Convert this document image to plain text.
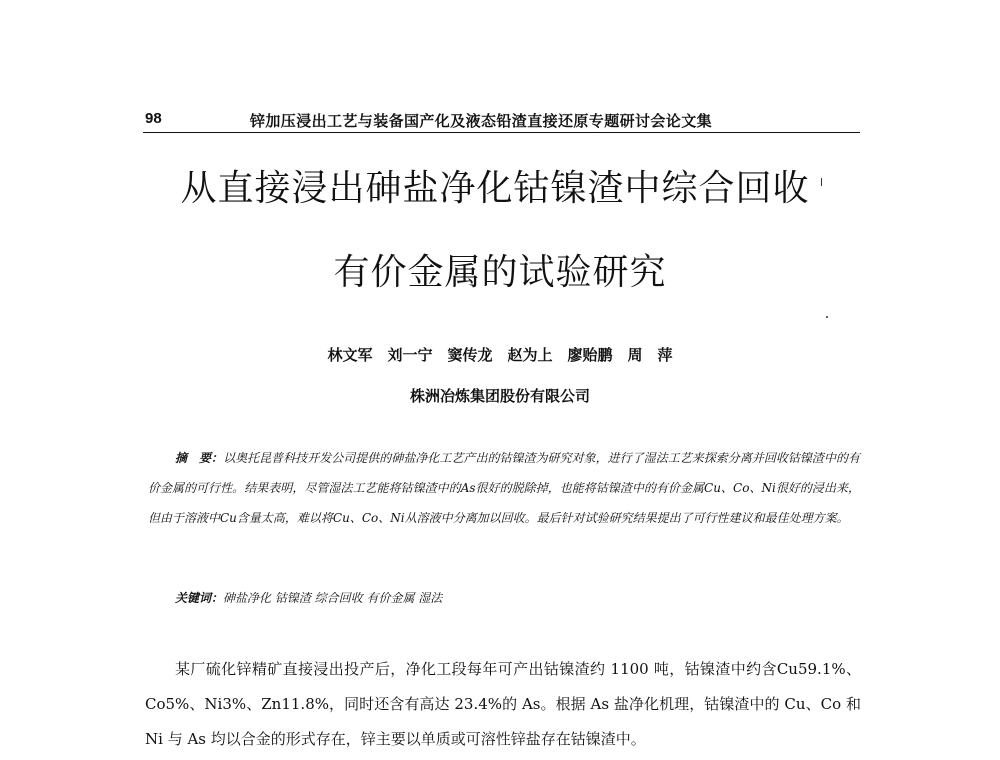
98	锌加压浸出工艺与装备国产化及液态铅渣直接还原专题研讨会论文集
从直接浸出砷盐净化钴镍渣中综合回收
有价金属的试验研究
林文军　刘一宁　窦传龙　赵为上　廖贻鹏　周　萍
株洲冶炼集团股份有限公司
摘　要：以奥托昆普科技开发公司提供的砷盐净化工艺产出的钴镍渣为研究对象，进行了湿法工艺来探索分离并回收钴镍渣中的有价金属的可行性。结果表明，尽管湿法工艺能将钴镍渣中的As很好的脱除掉，也能将钴镍渣中的有价金属Cu、Co、Ni很好的浸出来，但由于溶液中Cu含量太高，难以将Cu、Co、Ni从溶液中分离加以回收。最后针对试验研究结果提出了可行性建议和最佳处理方案。
关键词：砷盐净化 钴镍渣 综合回收 有价金属 湿法
某厂硫化锌精矿直接浸出投产后，净化工段每年可产出钴镍渣约 1100 吨，钴镍渣中约含Cu59.1%、Co5%、Ni3%、Zn11.8%，同时还含有高达 23.4%的 As。根据 As 盐净化机理，钴镍渣中的 Cu、Co 和 Ni 与 As 均以合金的形式存在，锌主要以单质或可溶性锌盐存在钴镍渣中。
